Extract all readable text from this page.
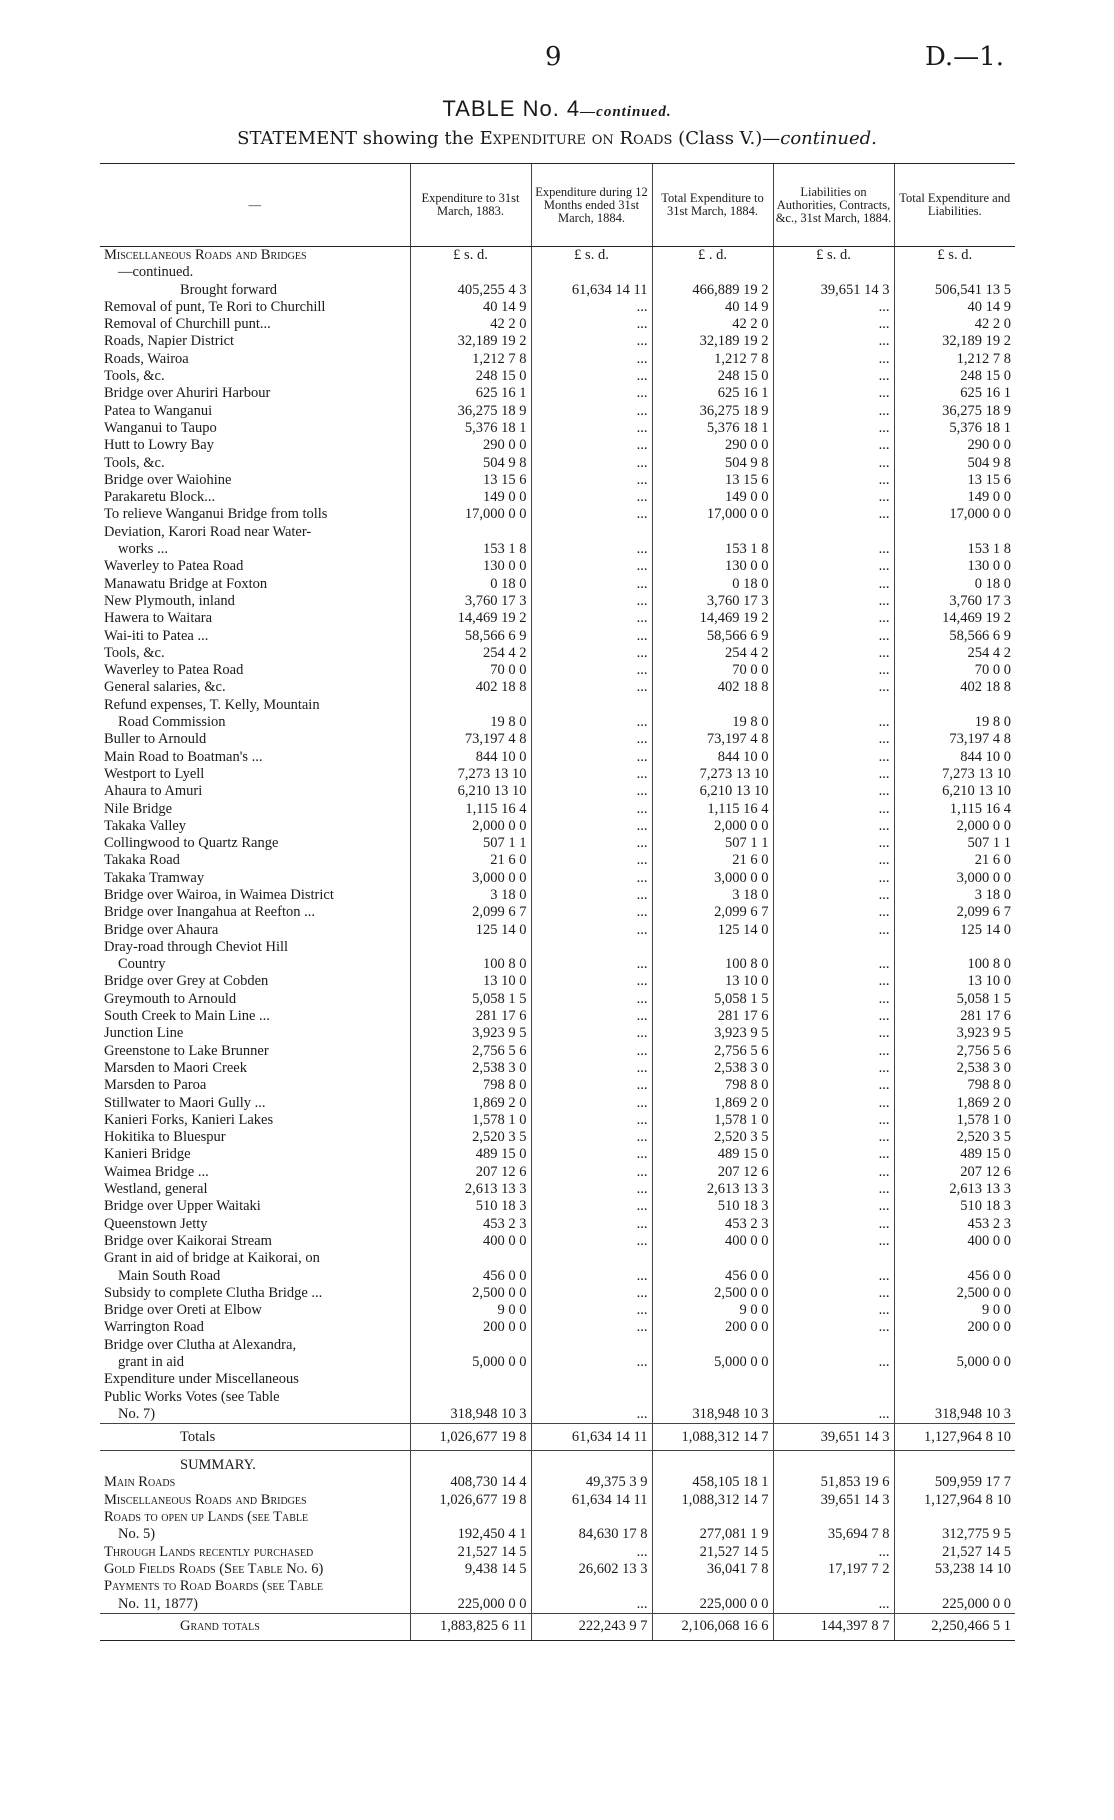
9	D.—1.
TABLE No. 4—continued.
STATEMENT showing the Expenditure on Roads (Class V.)—continued.
—	Expenditure to 31st March, 1883.	Expenditure during 12 Months ended 31st March, 1884.	Total Expenditure to 31st March, 1884.	Liabilities on Authorities, Contracts, &c., 31st March, 1884.	Total Expenditure and Liabilities.
Miscellaneous Roads and Bridges	£ s. d.	£ s. d.	£ . d.	£ s. d.	£ s. d.
—continued.					
Brought forward	405,255 4 3	61,634 14 11	466,889 19 2	39,651 14 3	506,541 13 5
Removal of punt, Te Rori to Churchill	40 14 9	...	40 14 9	...	40 14 9
Removal of Churchill punt...	42 2 0	...	42 2 0	...	42 2 0
Roads, Napier District	32,189 19 2	...	32,189 19 2	...	32,189 19 2
Roads, Wairoa	1,212 7 8	...	1,212 7 8	...	1,212 7 8
Tools, &c.	248 15 0	...	248 15 0	...	248 15 0
Bridge over Ahuriri Harbour	625 16 1	...	625 16 1	...	625 16 1
Patea to Wanganui	36,275 18 9	...	36,275 18 9	...	36,275 18 9
Wanganui to Taupo	5,376 18 1	...	5,376 18 1	...	5,376 18 1
Hutt to Lowry Bay	290 0 0	...	290 0 0	...	290 0 0
Tools, &c.	504 9 8	...	504 9 8	...	504 9 8
Bridge over Waiohine	13 15 6	...	13 15 6	...	13 15 6
Parakaretu Block...	149 0 0	...	149 0 0	...	149 0 0
To relieve Wanganui Bridge from tolls	17,000 0 0	...	17,000 0 0	...	17,000 0 0
Deviation, Karori Road near Water-					
works ...	153 1 8	...	153 1 8	...	153 1 8
Waverley to Patea Road	130 0 0	...	130 0 0	...	130 0 0
Manawatu Bridge at Foxton	0 18 0	...	0 18 0	...	0 18 0
New Plymouth, inland	3,760 17 3	...	3,760 17 3	...	3,760 17 3
Hawera to Waitara	14,469 19 2	...	14,469 19 2	...	14,469 19 2
Wai-iti to Patea ...	58,566 6 9	...	58,566 6 9	...	58,566 6 9
Tools, &c.	254 4 2	...	254 4 2	...	254 4 2
Waverley to Patea Road	70 0 0	...	70 0 0	...	70 0 0
General salaries, &c.	402 18 8	...	402 18 8	...	402 18 8
Refund expenses, T. Kelly, Mountain					
Road Commission	19 8 0	...	19 8 0	...	19 8 0
Buller to Arnould	73,197 4 8	...	73,197 4 8	...	73,197 4 8
Main Road to Boatman's ...	844 10 0	...	844 10 0	...	844 10 0
Westport to Lyell	7,273 13 10	...	7,273 13 10	...	7,273 13 10
Ahaura to Amuri	6,210 13 10	...	6,210 13 10	...	6,210 13 10
Nile Bridge	1,115 16 4	...	1,115 16 4	...	1,115 16 4
Takaka Valley	2,000 0 0	...	2,000 0 0	...	2,000 0 0
Collingwood to Quartz Range	507 1 1	...	507 1 1	...	507 1 1
Takaka Road	21 6 0	...	21 6 0	...	21 6 0
Takaka Tramway	3,000 0 0	...	3,000 0 0	...	3,000 0 0
Bridge over Wairoa, in Waimea District	3 18 0	...	3 18 0	...	3 18 0
Bridge over Inangahua at Reefton ...	2,099 6 7	...	2,099 6 7	...	2,099 6 7
Bridge over Ahaura	125 14 0	...	125 14 0	...	125 14 0
Dray-road through Cheviot Hill					
Country	100 8 0	...	100 8 0	...	100 8 0
Bridge over Grey at Cobden	13 10 0	...	13 10 0	...	13 10 0
Greymouth to Arnould	5,058 1 5	...	5,058 1 5	...	5,058 1 5
South Creek to Main Line ...	281 17 6	...	281 17 6	...	281 17 6
Junction Line	3,923 9 5	...	3,923 9 5	...	3,923 9 5
Greenstone to Lake Brunner	2,756 5 6	...	2,756 5 6	...	2,756 5 6
Marsden to Maori Creek	2,538 3 0	...	2,538 3 0	...	2,538 3 0
Marsden to Paroa	798 8 0	...	798 8 0	...	798 8 0
Stillwater to Maori Gully ...	1,869 2 0	...	1,869 2 0	...	1,869 2 0
Kanieri Forks, Kanieri Lakes	1,578 1 0	...	1,578 1 0	...	1,578 1 0
Hokitika to Bluespur	2,520 3 5	...	2,520 3 5	...	2,520 3 5
Kanieri Bridge	489 15 0	...	489 15 0	...	489 15 0
Waimea Bridge ...	207 12 6	...	207 12 6	...	207 12 6
Westland, general	2,613 13 3	...	2,613 13 3	...	2,613 13 3
Bridge over Upper Waitaki	510 18 3	...	510 18 3	...	510 18 3
Queenstown Jetty	453 2 3	...	453 2 3	...	453 2 3
Bridge over Kaikorai Stream	400 0 0	...	400 0 0	...	400 0 0
Grant in aid of bridge at Kaikorai, on					
Main South Road	456 0 0	...	456 0 0	...	456 0 0
Subsidy to complete Clutha Bridge ...	2,500 0 0	...	2,500 0 0	...	2,500 0 0
Bridge over Oreti at Elbow	9 0 0	...	9 0 0	...	9 0 0
Warrington Road	200 0 0	...	200 0 0	...	200 0 0
Bridge over Clutha at Alexandra,					
grant in aid	5,000 0 0	...	5,000 0 0	...	5,000 0 0
Expenditure under Miscellaneous					
Public Works Votes (see Table					
No. 7)	318,948 10 3	...	318,948 10 3	...	318,948 10 3
Totals	1,026,677 19 8	61,634 14 11	1,088,312 14 7	39,651 14 3	1,127,964 8 10
SUMMARY.					
Main Roads	408,730 14 4	49,375 3 9	458,105 18 1	51,853 19 6	509,959 17 7
Miscellaneous Roads and Bridges	1,026,677 19 8	61,634 14 11	1,088,312 14 7	39,651 14 3	1,127,964 8 10
Roads to open up Lands (see Table					
No. 5)	192,450 4 1	84,630 17 8	277,081 1 9	35,694 7 8	312,775 9 5
Through Lands recently purchased	21,527 14 5	...	21,527 14 5	...	21,527 14 5
Gold Fields Roads (See Table No. 6)	9,438 14 5	26,602 13 3	36,041 7 8	17,197 7 2	53,238 14 10
Payments to Road Boards (see Table					
No. 11, 1877)	225,000 0 0	...	225,000 0 0	...	225,000 0 0
Grand totals	1,883,825 6 11	222,243 9 7	2,106,068 16 6	144,397 8 7	2,250,466 5 1
